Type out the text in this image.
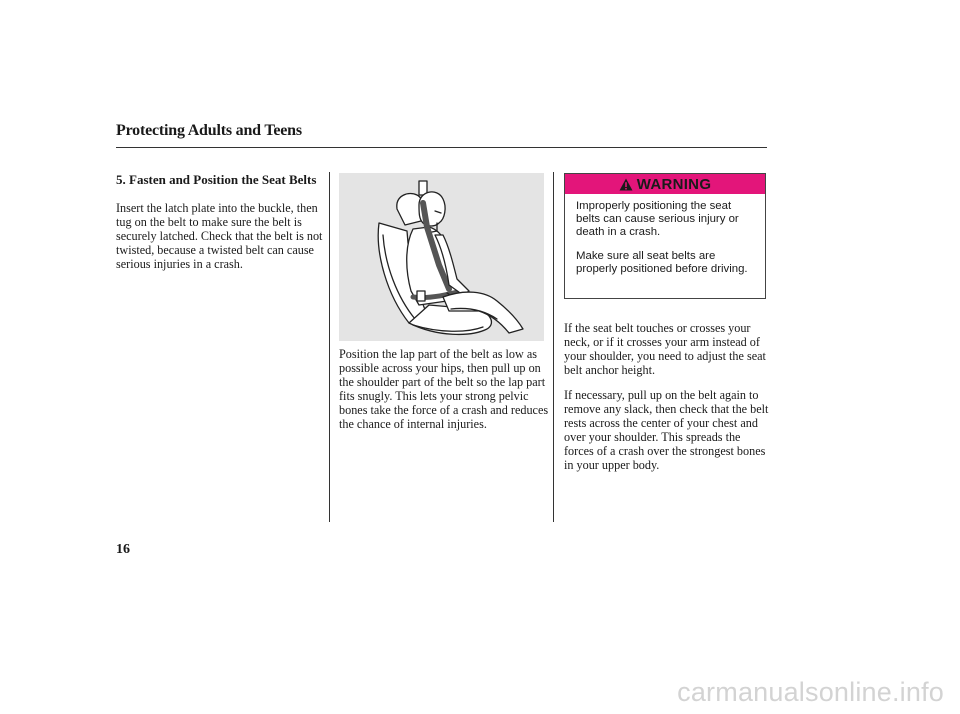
Protecting Adults and Teens
5. Fasten and Position the Seat Belts

Insert the latch plate into the buckle, then tug on the belt to make sure the belt is securely latched. Check that the belt is not twisted, because a twisted belt can cause serious injuries in a crash.

Position the lap part of the belt as low as possible across your hips, then pull up on the shoulder part of the belt so the lap part fits snugly. This lets your strong pelvic bones take the force of a crash and reduces the chance of internal injuries.

WARNING

Improperly positioning the seat belts can cause serious injury or death in a crash.

Make sure all seat belts are properly positioned before driving.

If the seat belt touches or crosses your neck, or if it crosses your arm instead of your shoulder, you need to adjust the seat belt anchor height.

If necessary, pull up on the belt again to remove any slack, then check that the belt rests across the center of your chest and over your shoulder. This spreads the forces of a crash over the strongest bones in your upper body.

16

carmanualsonline.info
